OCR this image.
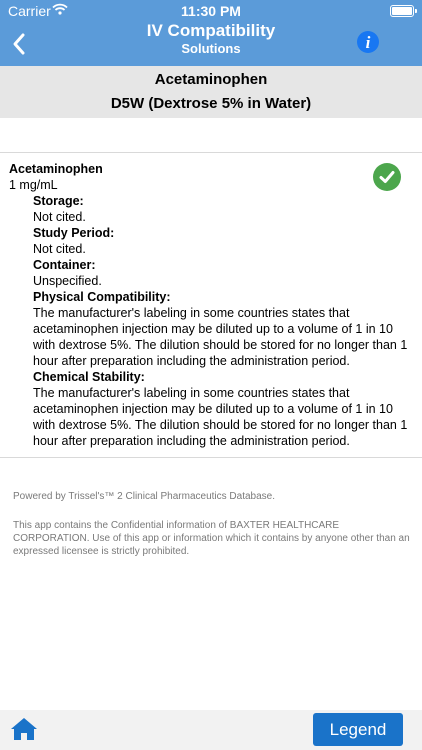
Carrier	11:30 PM
IV Compatibility
Solutions	i
Acetaminophen
D5W (Dextrose 5% in Water)
Acetaminophen
1 mg/mL
Storage:
Not cited.
Study Period:
Not cited.
Container:
Unspecified.
Physical Compatibility:
The manufacturer's labeling in some countries states that acetaminophen injection may be diluted up to a volume of 1 in 10 with dextrose 5%. The dilution should be stored for no longer than 1 hour after preparation including the administration period.
Chemical Stability:
The manufacturer's labeling in some countries states that acetaminophen injection may be diluted up to a volume of 1 in 10 with dextrose 5%. The dilution should be stored for no longer than 1 hour after preparation including the administration period.
Powered by Trissel's™ 2 Clinical Pharmaceutics Database.
This app contains the Confidential information of BAXTER HEALTHCARE CORPORATION. Use of this app or information which it contains by anyone other than an expressed licensee is strictly prohibited.
Legend
